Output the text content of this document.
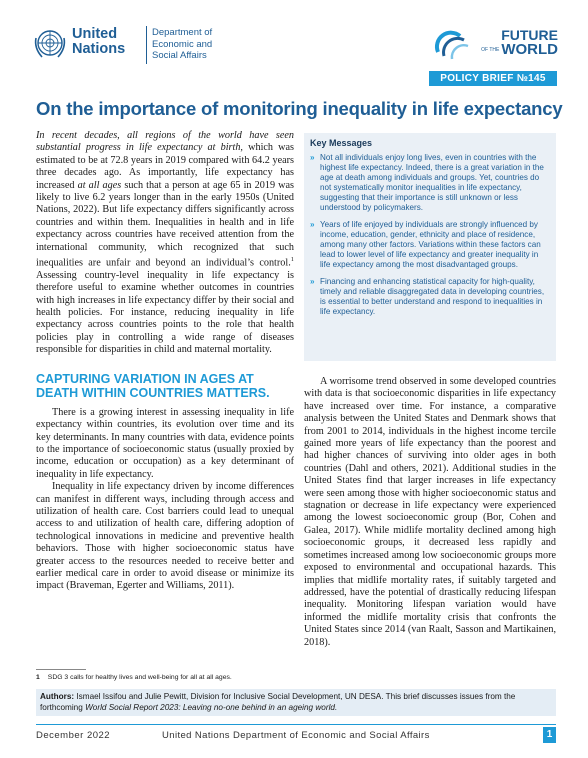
United
Nations
Department of
Economic and
Social Affairs
FUTURE
OF THE WORLD
POLICY BRIEF №145
On the importance of monitoring inequality in life expectancy

In recent decades, all regions of the world have seen substantial progress in life expectancy at birth, which was estimated to be at 72.8 years in 2019 compared with 64.2 years three decades ago. As importantly, life expectancy has increased at all ages such that a person at age 65 in 2019 was likely to live 6.2 years longer than in the early 1950s (United Nations, 2022). But life expectancy differs significantly across countries and within them. Inequalities in health and in life expectancy across countries have received attention from the international community, which recognized that such inequalities are unfair and beyond an individual’s control.$^1$ Assessing country-level inequality in life expectancy is therefore useful to examine whether outcomes in countries with high increases in life expectancy differ by their social and health policies. For instance, reducing inequality in life expectancy across countries points to the role that health policies play in controlling a wide range of diseases responsible for disparities in child and maternal mortality.

CAPTURING VARIATION IN AGES AT
DEATH WITHIN COUNTRIES MATTERS.

There is a growing interest in assessing inequality in life expectancy within countries, its evolution over time and its key determinants. In many countries with data, evidence points to the importance of socioeconomic status (usually proxied by income, education or occupation) as a key determinant of inequality in life expectancy.

Inequality in life expectancy driven by income differences can manifest in different ways, including through access and utilization of health care. Cost barriers could lead to unequal access to and utilization of health care, differing adoption of technological innovations in medicine and preventive health behaviors. Those with higher socioeconomic status have greater access to the resources needed to receive better and earlier medical care in order to avoid disease or minimize its impact (Braveman, Egerter and Williams, 2011).

Key Messages
» Not all individuals enjoy long lives, even in countries with the highest life expectancy. Indeed, there is a great variation in the age at death among individuals and groups. Yet, countries do not systematically monitor inequalities in life expectancy, suggesting that their importance is still unknown or less understood by policymakers.
» Years of life enjoyed by individuals are strongly influenced by income, education, gender, ethnicity and place of residence, among many other factors. Variations within these factors can lead to lower level of life expectancy and greater inequality in life expectancy among the most disadvantaged groups.
» Financing and enhancing statistical capacity for high-quality, timely and reliable disaggregated data in developing countries, is essential to better understand and respond to inequalities in life expectancy.

A worrisome trend observed in some developed countries with data is that socioeconomic disparities in life expectancy have increased over time. For instance, a comparative analysis between the United States and Denmark shows that from 2001 to 2014, individuals in the highest income tercile gained more years of life expectancy than the poorest and had higher chances of surviving into older ages in both countries (Dahl and others, 2021). Additional studies in the United States find that larger increases in life expectancy were seen among those with higher socioeconomic status and stagnation or decrease in life expectancy were experienced among the lowest socioeconomic group (Bor, Cohen and Galea, 2017). While midlife mortality declined among high socioeconomic groups, it decreased less rapidly and sometimes increased among low socioeconomic groups more exposed to environmental and occupational hazards. This implies that midlife mortality rates, if suitably targeted and addressed, have the potential of drastically reducing lifespan inequality. Monitoring lifespan variation would have informed the midlife mortality crisis that confronts the United States since 2014 (van Raalt, Sasson and Martikainen, 2018).

1 SDG 3 calls for healthy lives and well-being for all at all ages.
Authors: Ismael Issifou and Julie Pewitt, Division for Inclusive Social Development, UN DESA. This brief discusses issues from the forthcoming World Social Report 2023: Leaving no-one behind in an ageing world.
December 2022	United Nations Department of Economic and Social Affairs	1
